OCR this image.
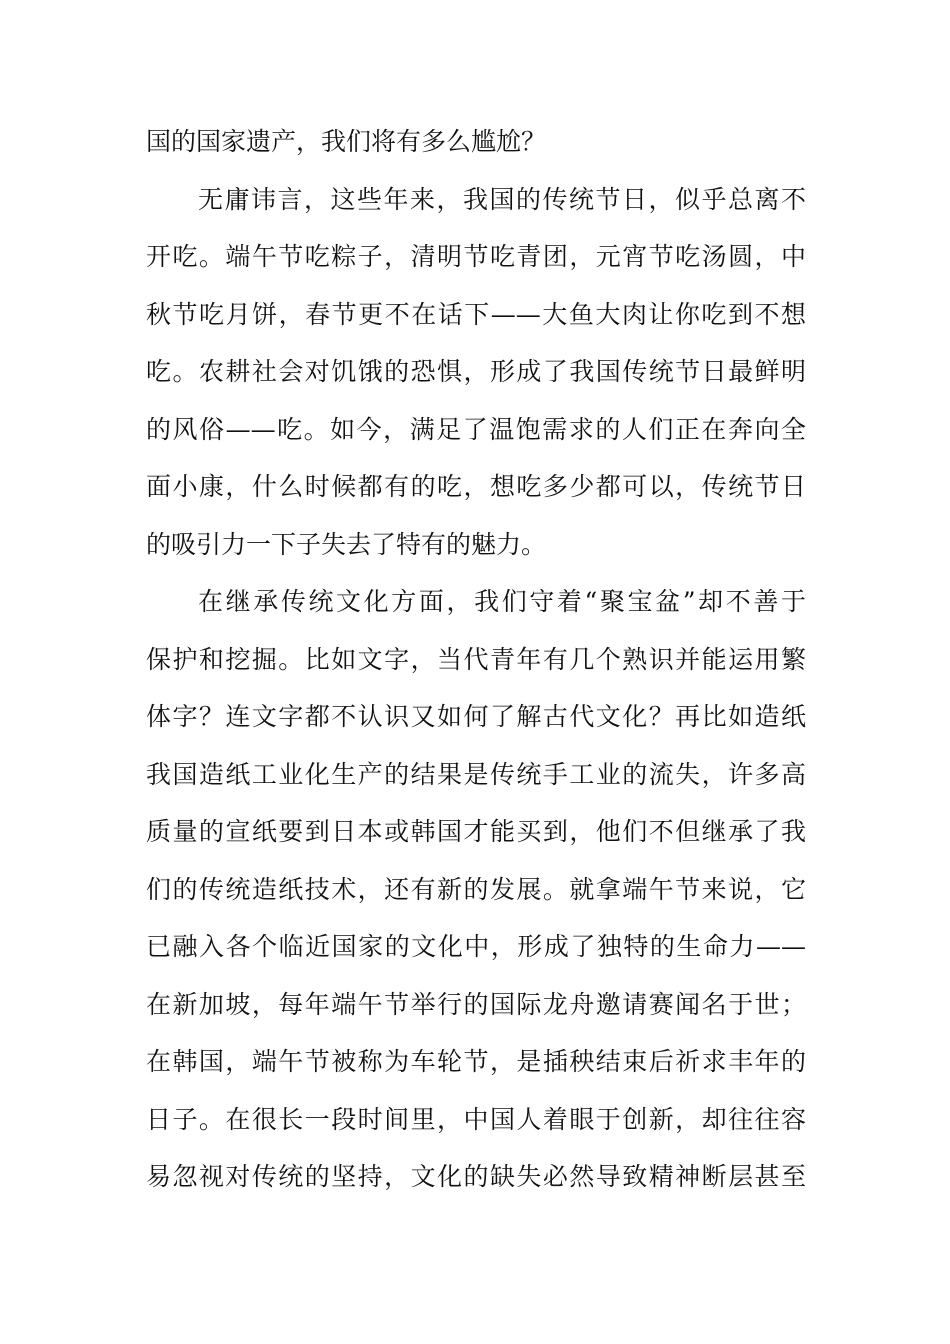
国的国家遗产，我们将有多么尴尬？
无庸讳言，这些年来，我国的传统节日，似乎总离不
开吃。端午节吃粽子，清明节吃青团，元宵节吃汤圆，中
秋节吃月饼，春节更不在话下——大鱼大肉让你吃到不想
吃。农耕社会对饥饿的恐惧，形成了我国传统节日最鲜明
的风俗——吃。如今，满足了温饱需求的人们正在奔向全
面小康，什么时候都有的吃，想吃多少都可以，传统节日
的吸引力一下子失去了特有的魅力。
在继承传统文化方面，我们守着“聚宝盆”却不善于
保护和挖掘。比如文字，当代青年有几个熟识并能运用繁
体字？连文字都不认识又如何了解古代文化？再比如造纸
我国造纸工业化生产的结果是传统手工业的流失，许多高
质量的宣纸要到日本或韩国才能买到，他们不但继承了我
们的传统造纸技术，还有新的发展。就拿端午节来说，它
已融入各个临近国家的文化中，形成了独特的生命力——
在新加坡，每年端午节举行的国际龙舟邀请赛闻名于世；
在韩国，端午节被称为车轮节，是插秧结束后祈求丰年的
日子。在很长一段时间里，中国人着眼于创新，却往往容
易忽视对传统的坚持，文化的缺失必然导致精神断层甚至
